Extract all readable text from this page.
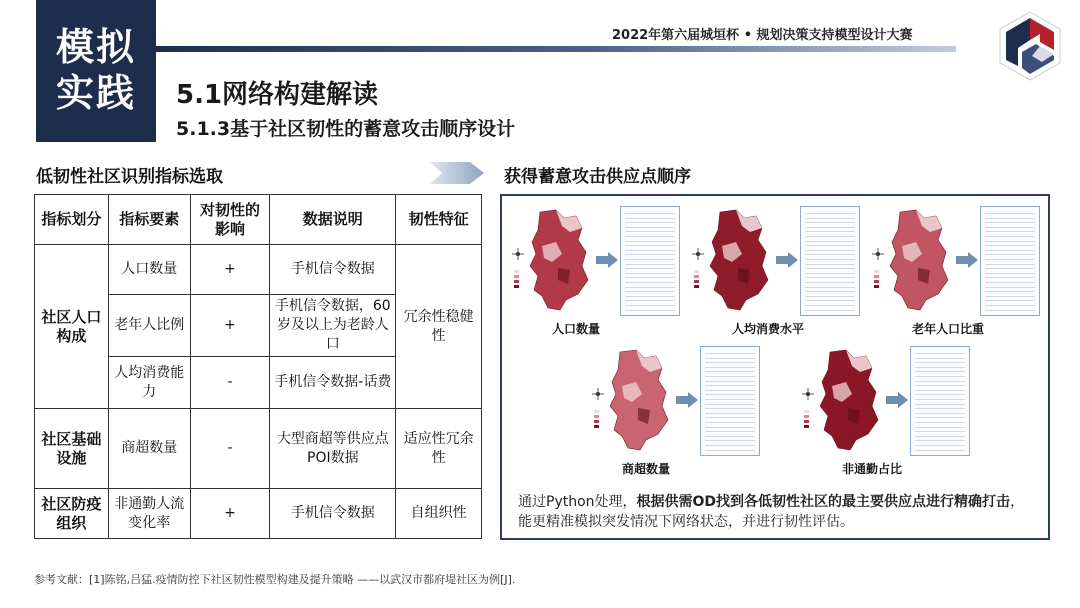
模拟
实践
2022年第六届城垣杯 • 规划决策支持模型设计大赛
5.1网络构建解读
5.1.3基于社区韧性的蓄意攻击顺序设计
低韧性社区识别指标选取	获得蓄意攻击供应点顺序
指标划分	指标要素	对韧性的影响	数据说明	韧性特征
社区人口构成	人口数量	+	手机信令数据	冗余性稳健性
	老年人比例	+	手机信令数据，60岁及以上为老龄人口	
	人均消费能力	-	手机信令数据-话费	
社区基础设施	商超数量	-	大型商超等供应点POI数据	适应性冗余性
社区防疫组织	非通勤人流变化率	+	手机信令数据	自组织性
人口数量	人均消费水平	老年人口比重
商超数量	非通勤占比
通过Python处理，根据供需OD找到各低韧性社区的最主要供应点进行精确打击，能更精准模拟突发情况下网络状态，并进行韧性评估。
参考文献：[1]陈铭,吕猛.疫情防控下社区韧性模型构建及提升策略 ——以武汉市都府堤社区为例[J].
